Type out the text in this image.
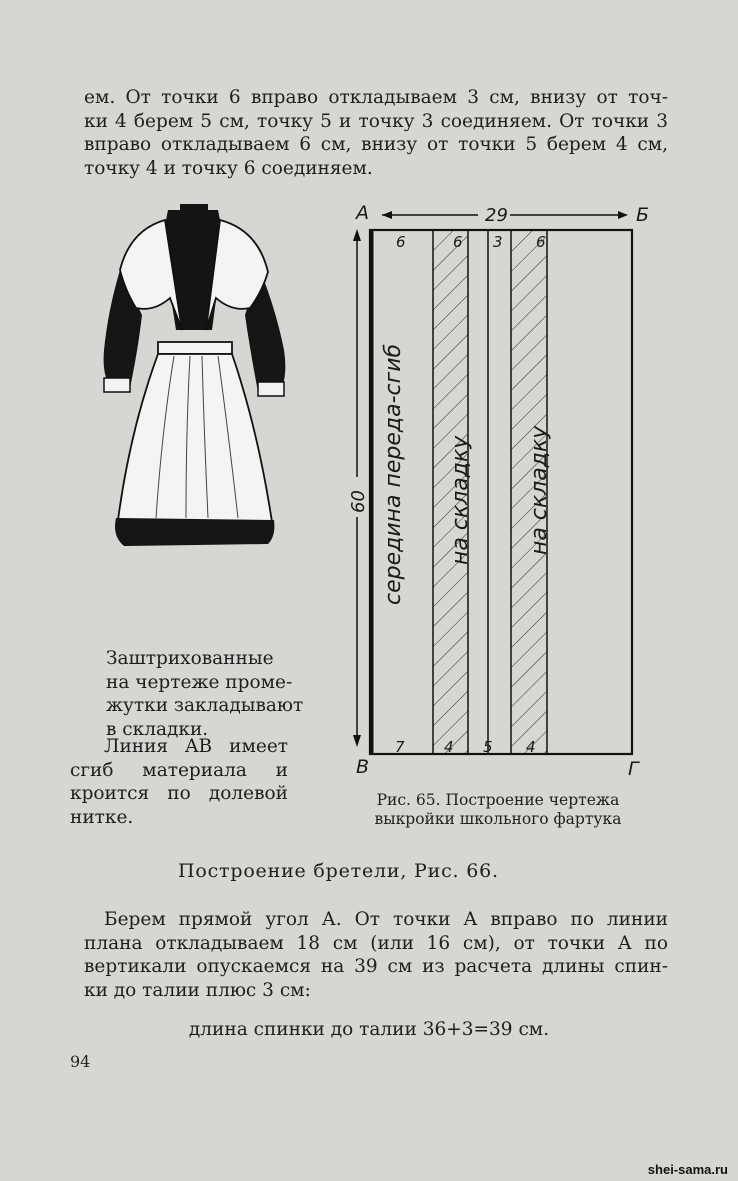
ем. От точки 6 вправо откладываем 3 см, внизу от точ-
ки 4 берем 5 см, точку 5 и точку 3 соединяем. От точки 3
вправо откладываем 6 см, внизу от точки 5 берем 4 см,
точку 4 и точку 6 соединяем.

А	Б
В	Г
29
60
6	6 3 6
7	4 5 4
середина переда-сгиб на складку на складку

Заштрихованные
на чертеже проме-
жутки закладывают
в складки.

Линия AB имеет
сгиб материала и
кроится по долевой
нитке.

Рис. 65. Построение чертежа
выкройки школьного фартука

Построение бретели, Рис. 66.

Берем прямой угол А. От точки А вправо по линии
плана откладываем 18 см (или 16 см), от точки А по
вертикали опускаемся на 39 см из расчета длины спин-
ки до талии плюс 3 см:

длина спинки до талии 36+3=39 см.

94

shei-sama.ru
